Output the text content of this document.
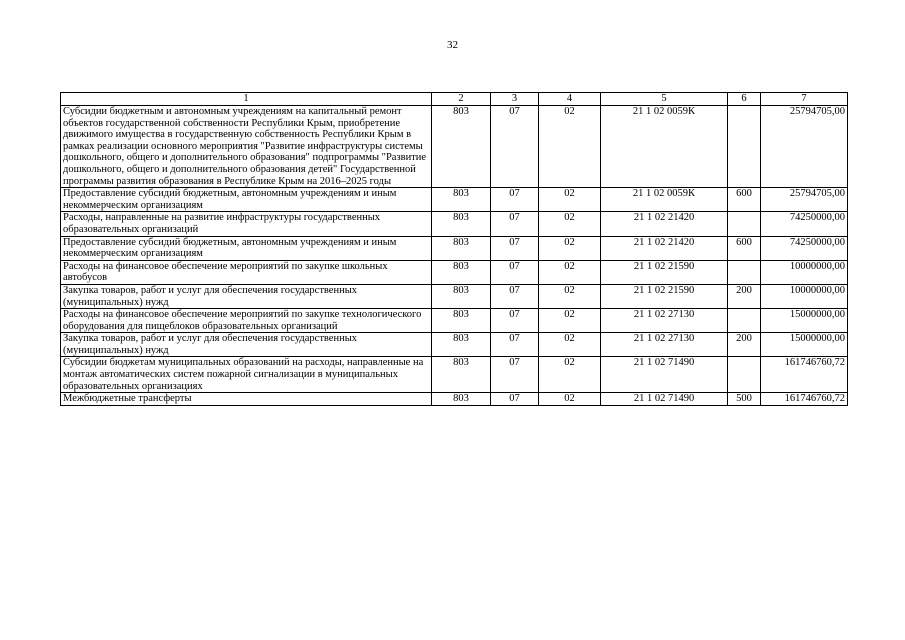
32
1	2	3	4	5	6	7
Субсидии бюджетным и автономным учреждениям на капитальный ремонт объектов государственной собственности Республики Крым, приобретение движимого имущества в государственную собственность Республики Крым в рамках реализации основного мероприятия "Развитие инфраструктуры системы дошкольного, общего и дополнительного образования" подпрограммы "Развитие дошкольного, общего и дополнительного образования детей" Государственной программы развития образования в Республике Крым на 2016–2025 годы	803	07	02	21 1 02 0059К		25794705,00
Предоставление субсидий бюджетным, автономным учреждениям и иным некоммерческим организациям	803	07	02	21 1 02 0059К	600	25794705,00
Расходы, направленные на развитие инфраструктуры государственных образовательных организаций	803	07	02	21 1 02 21420		74250000,00
Предоставление субсидий бюджетным, автономным учреждениям и иным некоммерческим организациям	803	07	02	21 1 02 21420	600	74250000,00
Расходы на финансовое обеспечение мероприятий по закупке школьных автобусов	803	07	02	21 1 02 21590		10000000,00
Закупка товаров, работ и услуг для обеспечения государственных (муниципальных) нужд	803	07	02	21 1 02 21590	200	10000000,00
Расходы на финансовое обеспечение мероприятий по закупке технологического оборудования для пищеблоков образовательных организаций	803	07	02	21 1 02 27130		15000000,00
Закупка товаров, работ и услуг для обеспечения государственных (муниципальных) нужд	803	07	02	21 1 02 27130	200	15000000,00
Субсидии бюджетам муниципальных образований на расходы, направленные на монтаж автоматических систем пожарной сигнализации в муниципальных образовательных организациях	803	07	02	21 1 02 71490		161746760,72
Межбюджетные трансферты	803	07	02	21 1 02 71490	500	161746760,72
